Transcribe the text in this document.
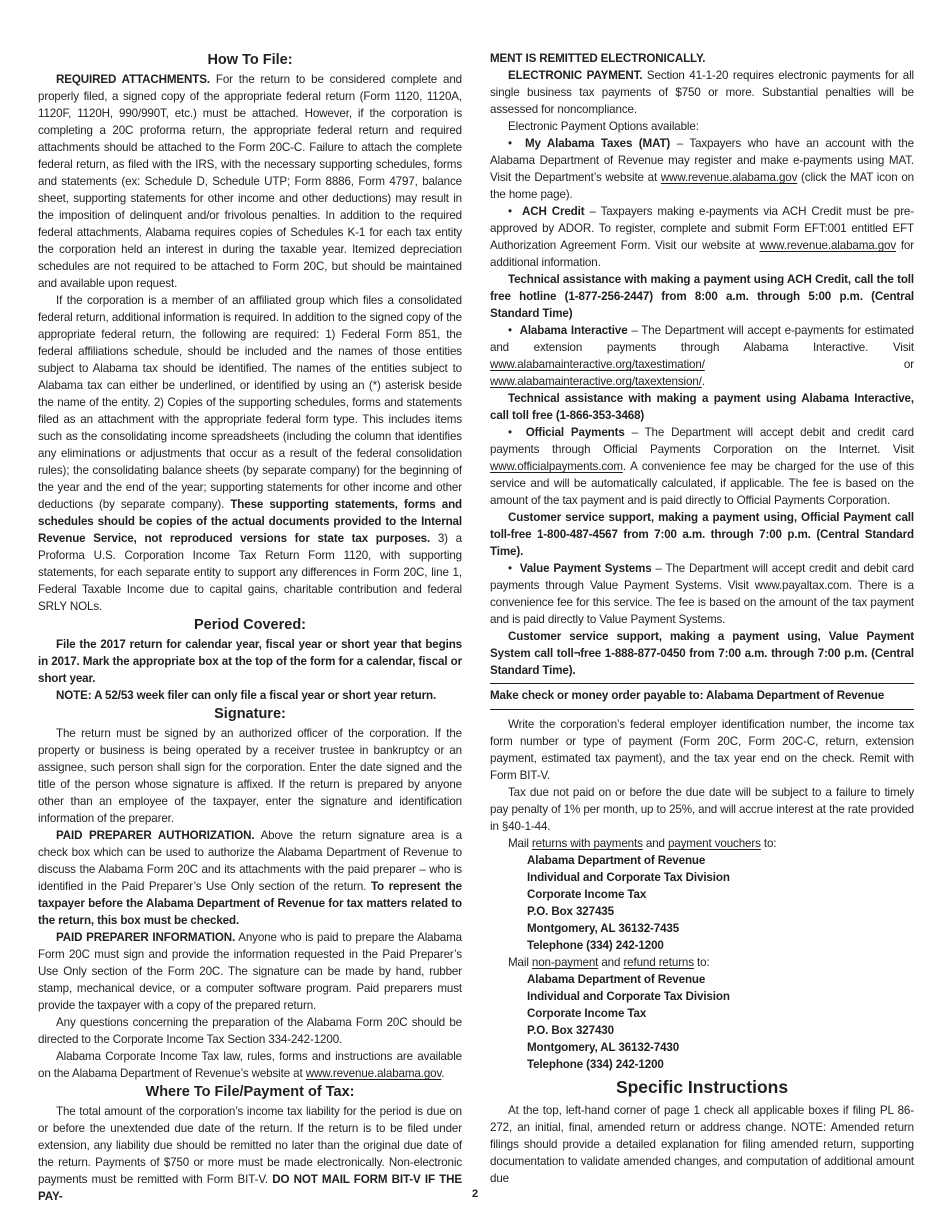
How To File:

REQUIRED ATTACHMENTS. For the return to be considered complete and properly filed, a signed copy of the appropriate federal return (Form 1120, 1120A, 1120F, 1120H, 990/990T, etc.) must be attached. However, if the corporation is completing a 20C proforma return, the appropriate federal return and required attachments should be attached to the Form 20C-C. Failure to attach the complete federal return, as filed with the IRS, with the necessary supporting schedules, forms and statements (ex: Schedule D, Schedule UTP; Form 8886, Form 4797, balance sheet, supporting statements for other income and other deductions) may result in the imposition of delinquent and/or frivolous penalties. In addition to the required federal attachments, Alabama requires copies of Schedules K-1 for each tax entity the corporation held an interest in during the taxable year. Itemized depreciation schedules are not required to be attached to Form 20C, but should be maintained and available upon request.

If the corporation is a member of an affiliated group which files a consolidated federal return, additional information is required. In addition to the signed copy of the appropriate federal return, the following are required: 1) Federal Form 851, the federal affiliations schedule, should be included and the names of those entities subject to Alabama tax should be identified. The names of the entities subject to Alabama tax can either be underlined, or identified by using an (*) asterisk beside the name of the entity. 2) Copies of the supporting schedules, forms and statements filed as an attachment with the appropriate federal form type. This includes items such as the consolidating income spreadsheets (including the column that identifies any eliminations or adjustments that occur as a result of the federal consolidation rules); the consolidating balance sheets (by separate company) for the beginning of the year and the end of the year; supporting statements for other income and other deductions (by separate company). These supporting statements, forms and schedules should be copies of the actual documents provided to the Internal Revenue Service, not reproduced versions for state tax purposes. 3) a Proforma U.S. Corporation Income Tax Return Form 1120, with supporting statements, for each separate entity to support any differences in Form 20C, line 1, Federal Taxable Income due to capital gains, charitable contribution and federal SRLY NOLs.

Period Covered:

File the 2017 return for calendar year, fiscal year or short year that begins in 2017. Mark the appropriate box at the top of the form for a calendar, fiscal or short year.

NOTE: A 52/53 week filer can only file a fiscal year or short year return.

Signature:

The return must be signed by an authorized officer of the corporation. If the property or business is being operated by a receiver trustee in bankruptcy or an assignee, such person shall sign for the corporation. Enter the date signed and the title of the person whose signature is affixed. If the return is prepared by anyone other than an employee of the taxpayer, enter the signature and identification information of the preparer.

PAID PREPARER AUTHORIZATION. Above the return signature area is a check box which can be used to authorize the Alabama Department of Revenue to discuss the Alabama Form 20C and its attachments with the paid preparer – who is identified in the Paid Preparer’s Use Only section of the return. To represent the taxpayer before the Alabama Department of Revenue for tax matters related to the return, this box must be checked.

PAID PREPARER INFORMATION. Anyone who is paid to prepare the Alabama Form 20C must sign and provide the information requested in the Paid Preparer’s Use Only section of the Form 20C. The signature can be made by hand, rubber stamp, mechanical device, or a computer software program. Paid preparers must provide the taxpayer with a copy of the prepared return.

Any questions concerning the preparation of the Alabama Form 20C should be directed to the Corporate Income Tax Section 334-242-1200.

Alabama Corporate Income Tax law, rules, forms and instructions are available on the Alabama Department of Revenue’s website at www.revenue.alabama.gov.

Where To File/Payment of Tax:

The total amount of the corporation’s income tax liability for the period is due on or before the unextended due date of the return. If the return is to be filed under extension, any liability due should be remitted no later than the original due date of the return. Payments of $750 or more must be made electronically. Non-electronic payments must be remitted with Form BIT-V. DO NOT MAIL FORM BIT-V IF THE PAY-

MENT IS REMITTED ELECTRONICALLY.

ELECTRONIC PAYMENT. Section 41-1-20 requires electronic payments for all single business tax payments of $750 or more. Substantial penalties will be assessed for noncompliance.

Electronic Payment Options available:

•  My Alabama Taxes (MAT) – Taxpayers who have an account with the Alabama Department of Revenue may register and make e-payments using MAT. Visit the Department’s website at www.revenue.alabama.gov (click the MAT icon on the home page).

•  ACH Credit – Taxpayers making e-payments via ACH Credit must be pre-approved by ADOR. To register, complete and submit Form EFT:001 entitled EFT Authorization Agreement Form. Visit our website at www.revenue.alabama.gov for additional information.

Technical assistance with making a payment using ACH Credit, call the toll free hotline (1-877-256-2447) from 8:00 a.m. through 5:00 p.m. (Central Standard Time)

•  Alabama Interactive – The Department will accept e-payments for estimated and extension payments through Alabama Interactive. Visit www.alabamainteractive.org/taxestimation/ or www.alabamainteractive.org/taxextension/.

Technical assistance with making a payment using Alabama Interactive, call toll free (1-866-353-3468)

•  Official Payments – The Department will accept debit and credit card payments through Official Payments Corporation on the Internet. Visit www.officialpayments.com. A convenience fee may be charged for the use of this service and will be automatically calculated, if applicable. The fee is based on the amount of the tax payment and is paid directly to Official Payments Corporation.

Customer service support, making a payment using, Official Payment call toll-free 1-800-487-4567 from 7:00 a.m. through 7:00 p.m. (Central Standard Time).

•  Value Payment Systems – The Department will accept credit and debit card payments through Value Payment Systems. Visit www.payaltax.com. There is a convenience fee for this service. The fee is based on the amount of the tax payment and is paid directly to Value Payment Systems.

Customer service support, making a payment using, Value Payment System call toll¬free 1-888-877-0450 from 7:00 a.m. through 7:00 p.m. (Central Standard Time).

Make check or money order payable to: Alabama Department of Revenue

Write the corporation’s federal employer identification number, the income tax form number or type of payment (Form 20C, Form 20C-C, return, extension payment, estimated tax payment), and the tax year end on the check. Remit with Form BIT-V.

Tax due not paid on or before the due date will be subject to a failure to timely pay penalty of 1% per month, up to 25%, and will accrue interest at the rate provided in §40-1-44.

Mail returns with payments and payment vouchers to:

Alabama Department of Revenue
Individual and Corporate Tax Division
Corporate Income Tax
P.O. Box 327435
Montgomery, AL 36132-7435
Telephone (334) 242-1200

Mail non-payment and refund returns to:

Alabama Department of Revenue
Individual and Corporate Tax Division
Corporate Income Tax
P.O. Box 327430
Montgomery, AL 36132-7430
Telephone (334) 242-1200
Specific Instructions

At the top, left-hand corner of page 1 check all applicable boxes if filing PL 86-272, an initial, final, amended return or address change. NOTE: Amended return filings should provide a detailed explanation for filing amended return, supporting documentation to validate amended changes, and computation of additional amount due

2
